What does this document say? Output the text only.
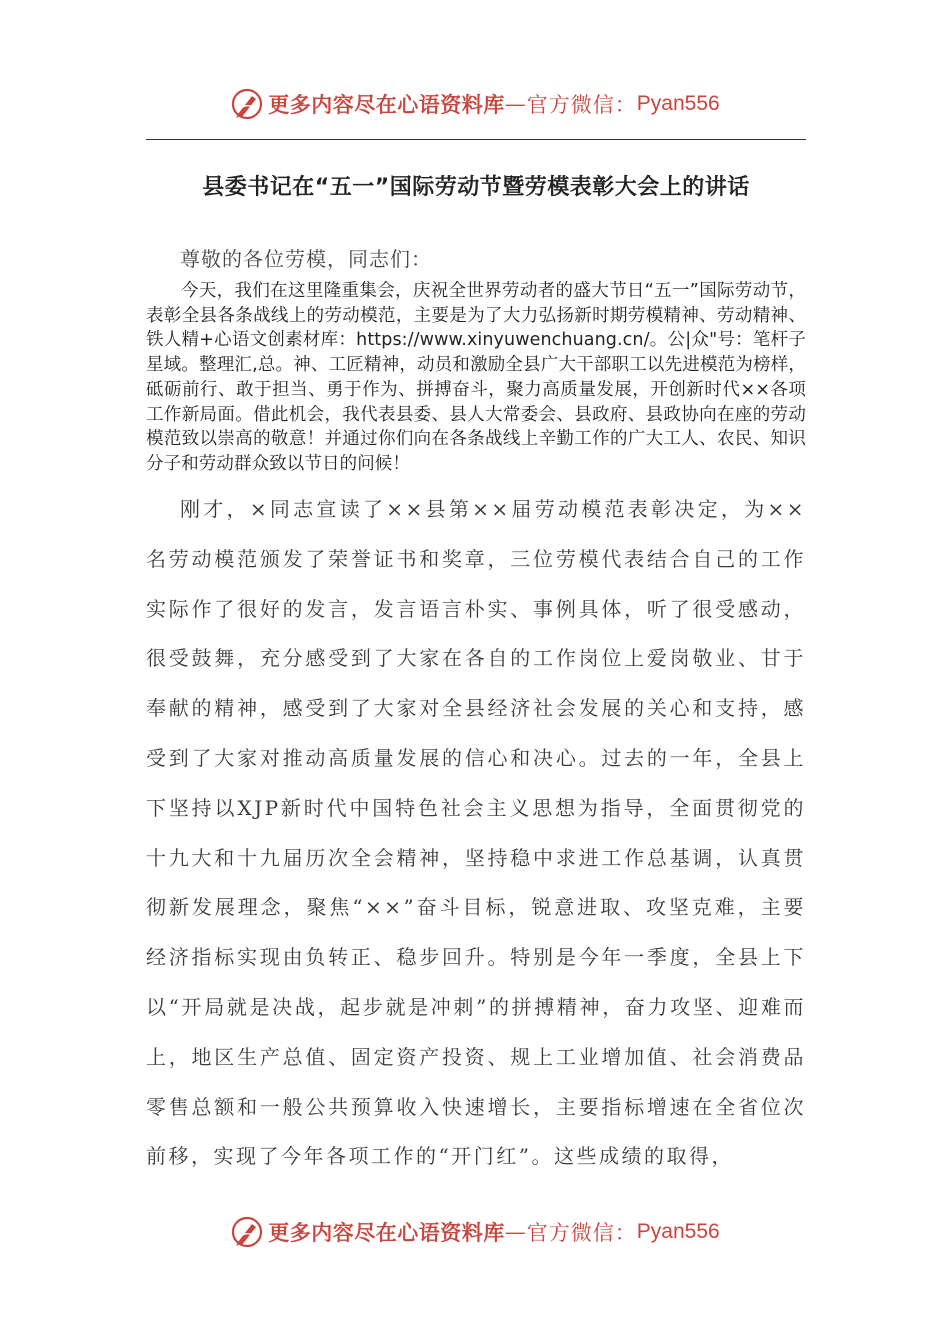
更多内容尽在心语资料库 — 官方微信： Pyan556
县委书记在“五一”国际劳动节暨劳模表彰大会上的讲话
尊敬的各位劳模，同志们：

今天，我们在这里隆重集会，庆祝全世界劳动者的盛大节日“五一”国际劳动节，表彰全县各条战线上的劳动模范，主要是为了大力弘扬新时期劳模精神、劳动精神、铁人精+心语文创素材库：https://www.xinyuwenchuang.cn/。公|众"号：笔杆子星域。整理汇,总。神、工匠精神，动员和激励全县广大干部职工以先进模范为榜样，砥砺前行、敢于担当、勇于作为、拼搏奋斗，聚力高质量发展，开创新时代××各项工作新局面。借此机会，我代表县委、县人大常委会、县政府、县政协向在座的劳动模范致以崇高的敬意！并通过你们向在各条战线上辛勤工作的广大工人、农民、知识分子和劳动群众致以节日的问候！

刚才，×同志宣读了××县第××届劳动模范表彰决定，为××名劳动模范颁发了荣誉证书和奖章，三位劳模代表结合自己的工作实际作了很好的发言，发言语言朴实、事例具体，听了很受感动，很受鼓舞，充分感受到了大家在各自的工作岗位上爱岗敬业、甘于奉献的精神，感受到了大家对全县经济社会发展的关心和支持，感受到了大家对推动高质量发展的信心和决心。过去的一年，全县上下坚持以XJP新时代中国特色社会主义思想为指导，全面贯彻党的十九大和十九届历次全会精神，坚持稳中求进工作总基调，认真贯彻新发展理念，聚焦“××”奋斗目标，锐意进取、攻坚克难，主要经济指标实现由负转正、稳步回升。特别是今年一季度，全县上下以“开局就是决战，起步就是冲刺”的拼搏精神，奋力攻坚、迎难而上，地区生产总值、固定资产投资、规上工业增加值、社会消费品零售总额和一般公共预算收入快速增长，主要指标增速在全省位次前移，实现了今年各项工作的“开门红”。这些成绩的取得，

更多内容尽在心语资料库 — 官方微信： Pyan556
